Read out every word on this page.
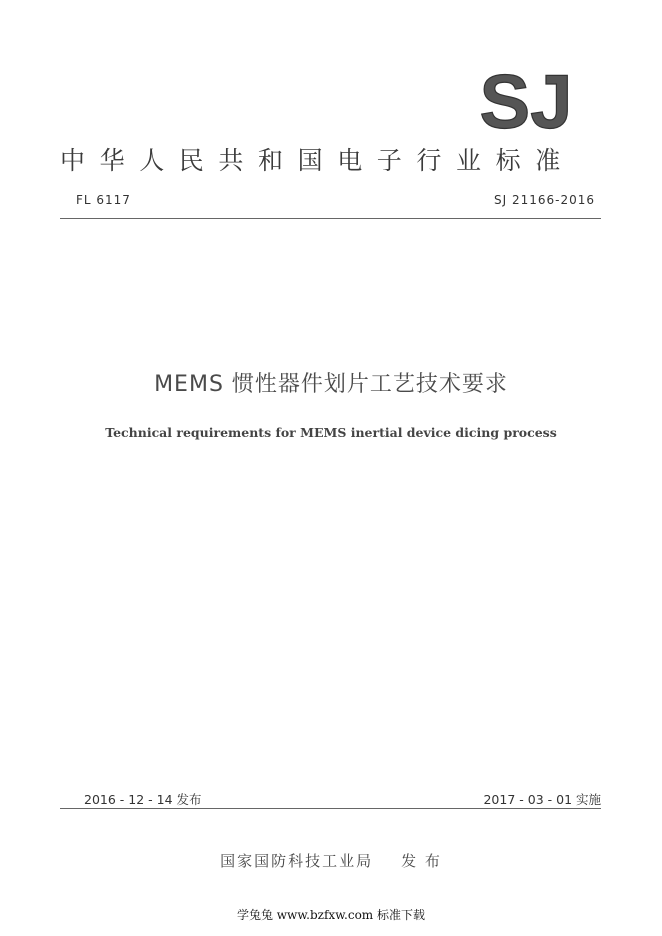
SJ
中华人民共和国电子行业标准
FL 6117	SJ 21166-2016
MEMS 惯性器件划片工艺技术要求
Technical requirements for MEMS inertial device dicing process
2016 - 12 - 14 发布	2017 - 03 - 01 实施
国家国防科技工业局 发 布
学兔兔 www.bzfxw.com 标准下载
